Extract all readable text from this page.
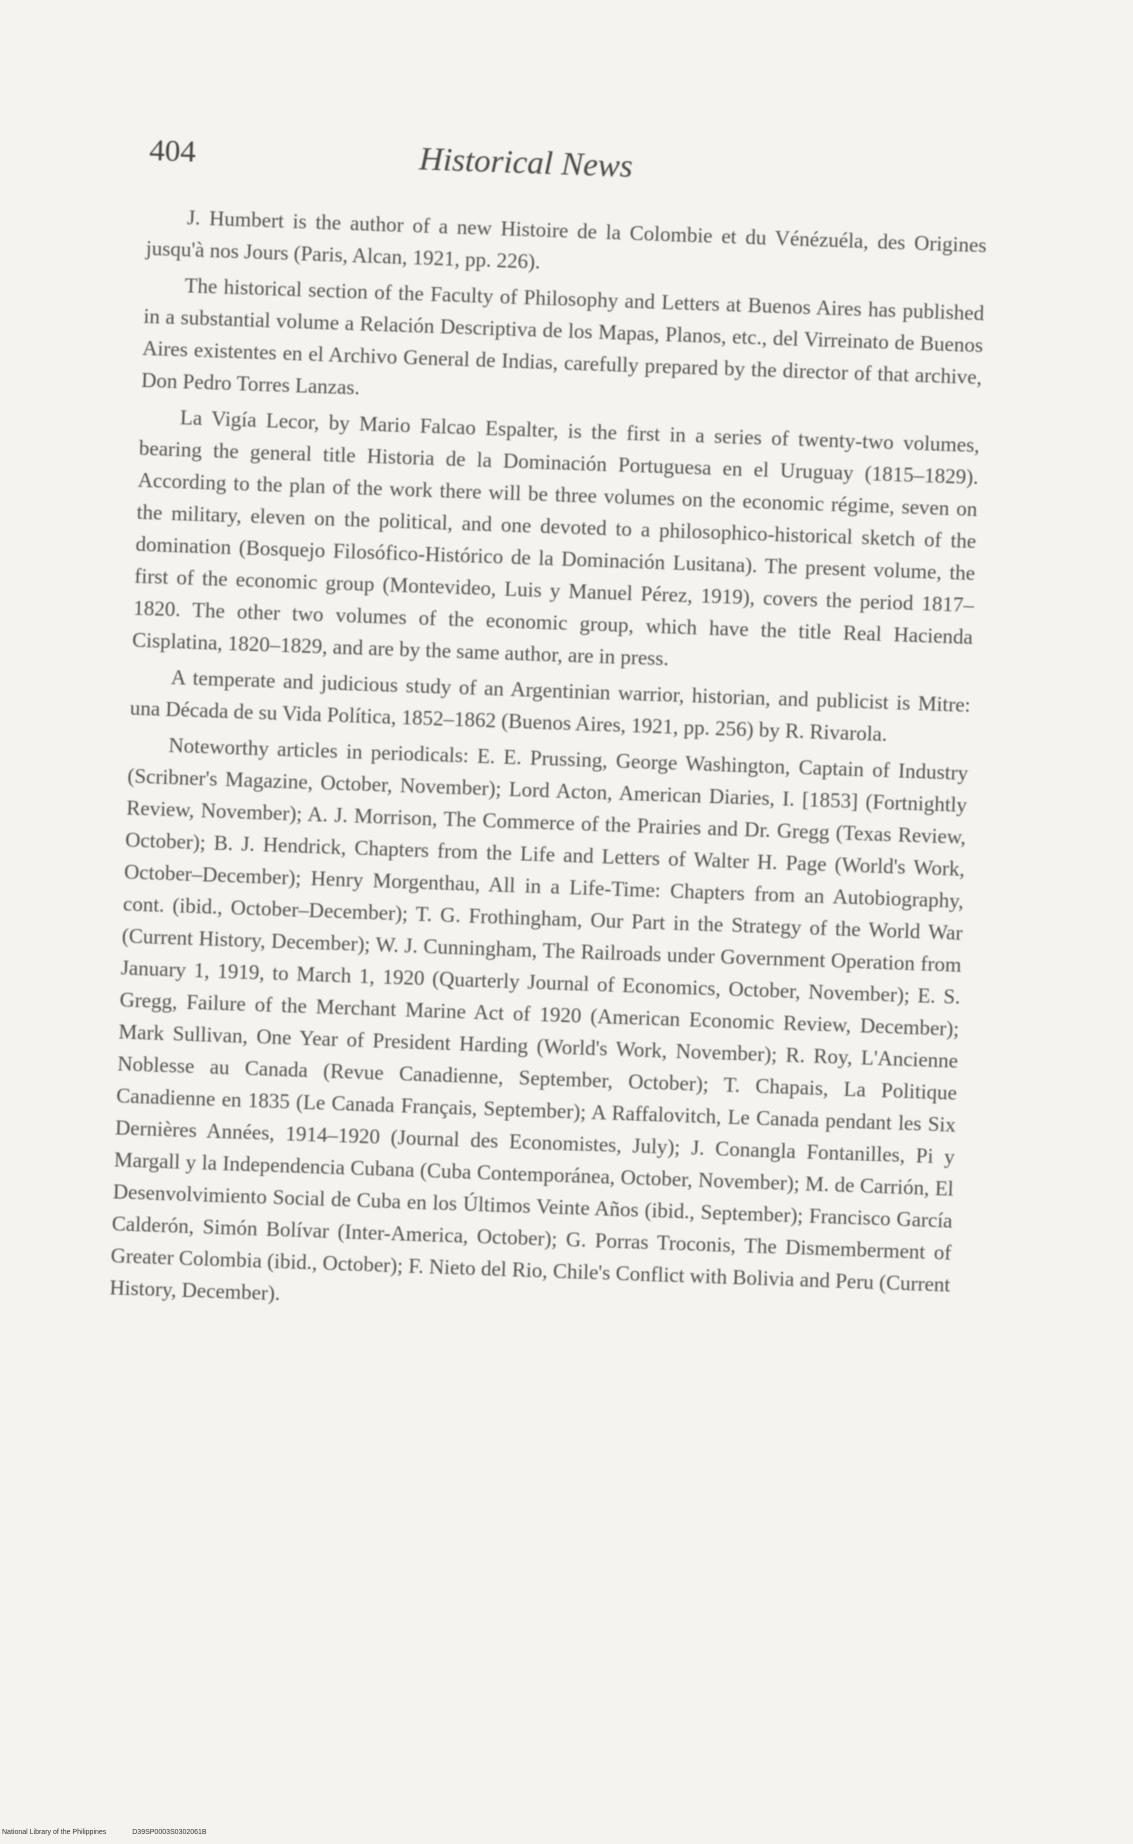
404	Historical News

J. Humbert is the author of a new Histoire de la Colombie et du Vénézuéla, des Origines jusqu'à nos Jours (Paris, Alcan, 1921, pp. 226).

The historical section of the Faculty of Philosophy and Letters at Buenos Aires has published in a substantial volume a Relación Descriptiva de los Mapas, Planos, etc., del Virreinato de Buenos Aires existentes en el Archivo General de Indias, carefully prepared by the director of that archive, Don Pedro Torres Lanzas.

La Vigía Lecor, by Mario Falcao Espalter, is the first in a series of twenty-two volumes, bearing the general title Historia de la Dominación Portuguesa en el Uruguay (1815–1829). According to the plan of the work there will be three volumes on the economic régime, seven on the military, eleven on the political, and one devoted to a philosophico-historical sketch of the domination (Bosquejo Filosófico-Histórico de la Dominación Lusitana). The present volume, the first of the economic group (Montevideo, Luis y Manuel Pérez, 1919), covers the period 1817–1820. The other two volumes of the economic group, which have the title Real Hacienda Cisplatina, 1820–1829, and are by the same author, are in press.

A temperate and judicious study of an Argentinian warrior, historian, and publicist is Mitre: una Década de su Vida Política, 1852–1862 (Buenos Aires, 1921, pp. 256) by R. Rivarola.

Noteworthy articles in periodicals: E. E. Prussing, George Washington, Captain of Industry (Scribner's Magazine, October, November); Lord Acton, American Diaries, I. [1853] (Fortnightly Review, November); A. J. Morrison, The Commerce of the Prairies and Dr. Gregg (Texas Review, October); B. J. Hendrick, Chapters from the Life and Letters of Walter H. Page (World's Work, October–December); Henry Morgenthau, All in a Life-Time: Chapters from an Autobiography, cont. (ibid., October–December); T. G. Frothingham, Our Part in the Strategy of the World War (Current History, December); W. J. Cunningham, The Railroads under Government Operation from January 1, 1919, to March 1, 1920 (Quarterly Journal of Economics, October, November); E. S. Gregg, Failure of the Merchant Marine Act of 1920 (American Economic Review, December); Mark Sullivan, One Year of President Harding (World's Work, November); R. Roy, L'Ancienne Noblesse au Canada (Revue Canadienne, September, October); T. Chapais, La Politique Canadienne en 1835 (Le Canada Français, September); A Raffalovitch, Le Canada pendant les Six Dernières Années, 1914–1920 (Journal des Economistes, July); J. Conangla Fontanilles, Pi y Margall y la Independencia Cubana (Cuba Contemporánea, October, November); M. de Carrión, El Desenvolvimiento Social de Cuba en los Últimos Veinte Años (ibid., September); Francisco García Calderón, Simón Bolívar (Inter-America, October); G. Porras Troconis, The Dismemberment of Greater Colombia (ibid., October); F. Nieto del Rio, Chile's Conflict with Bolivia and Peru (Current History, December).

National Library of the Philippines	D39SP0003S0302061B
